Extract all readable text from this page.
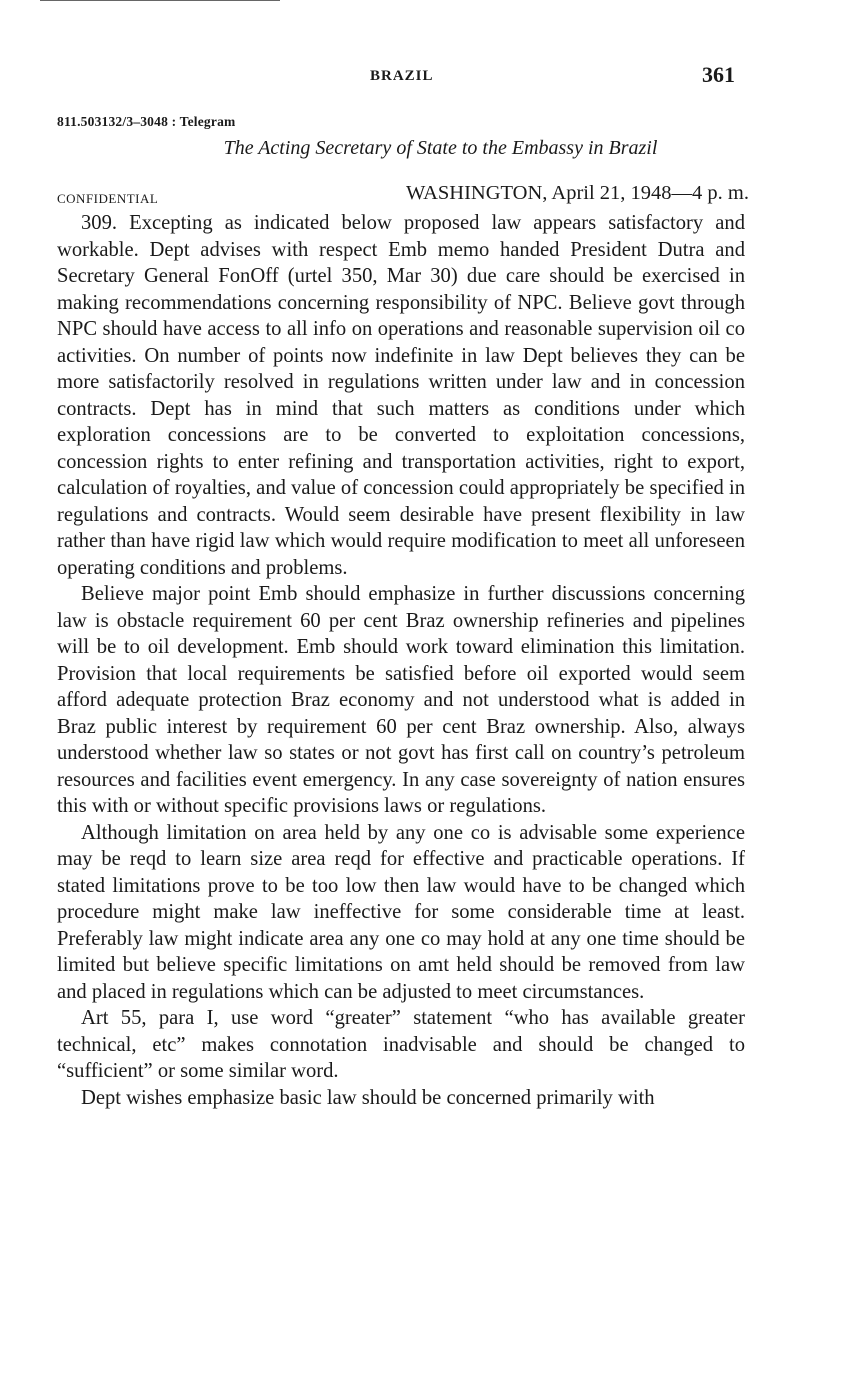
BRAZIL	361
811.503132/3–3048 : Telegram
The Acting Secretary of State to the Embassy in Brazil
CONFIDENTIAL	WASHINGTON, April 21, 1948—4 p. m.

309. Excepting as indicated below proposed law appears satisfactory and workable. Dept advises with respect Emb memo handed President Dutra and Secretary General FonOff (urtel 350, Mar 30) due care should be exercised in making recommendations concerning responsibility of NPC. Believe govt through NPC should have access to all info on operations and reasonable supervision oil co activities. On number of points now indefinite in law Dept believes they can be more satisfactorily resolved in regulations written under law and in concession contracts. Dept has in mind that such matters as conditions under which exploration concessions are to be converted to exploitation concessions, concession rights to enter refining and transportation activities, right to export, calculation of royalties, and value of concession could appropriately be specified in regulations and contracts. Would seem desirable have present flexibility in law rather than have rigid law which would require modification to meet all unforeseen operating conditions and problems.

Believe major point Emb should emphasize in further discussions concerning law is obstacle requirement 60 per cent Braz ownership refineries and pipelines will be to oil development. Emb should work toward elimination this limitation. Provision that local requirements be satisfied before oil exported would seem afford adequate protection Braz economy and not understood what is added in Braz public interest by requirement 60 per cent Braz ownership. Also, always understood whether law so states or not govt has first call on country’s petroleum resources and facilities event emergency. In any case sovereignty of nation ensures this with or without specific provisions laws or regulations.

Although limitation on area held by any one co is advisable some experience may be reqd to learn size area reqd for effective and practicable operations. If stated limitations prove to be too low then law would have to be changed which procedure might make law ineffective for some considerable time at least. Preferably law might indicate area any one co may hold at any one time should be limited but believe specific limitations on amt held should be removed from law and placed in regulations which can be adjusted to meet circumstances.

Art 55, para I, use word “greater” statement “who has available greater technical, etc” makes connotation inadvisable and should be changed to “sufficient” or some similar word.

Dept wishes emphasize basic law should be concerned primarily with
